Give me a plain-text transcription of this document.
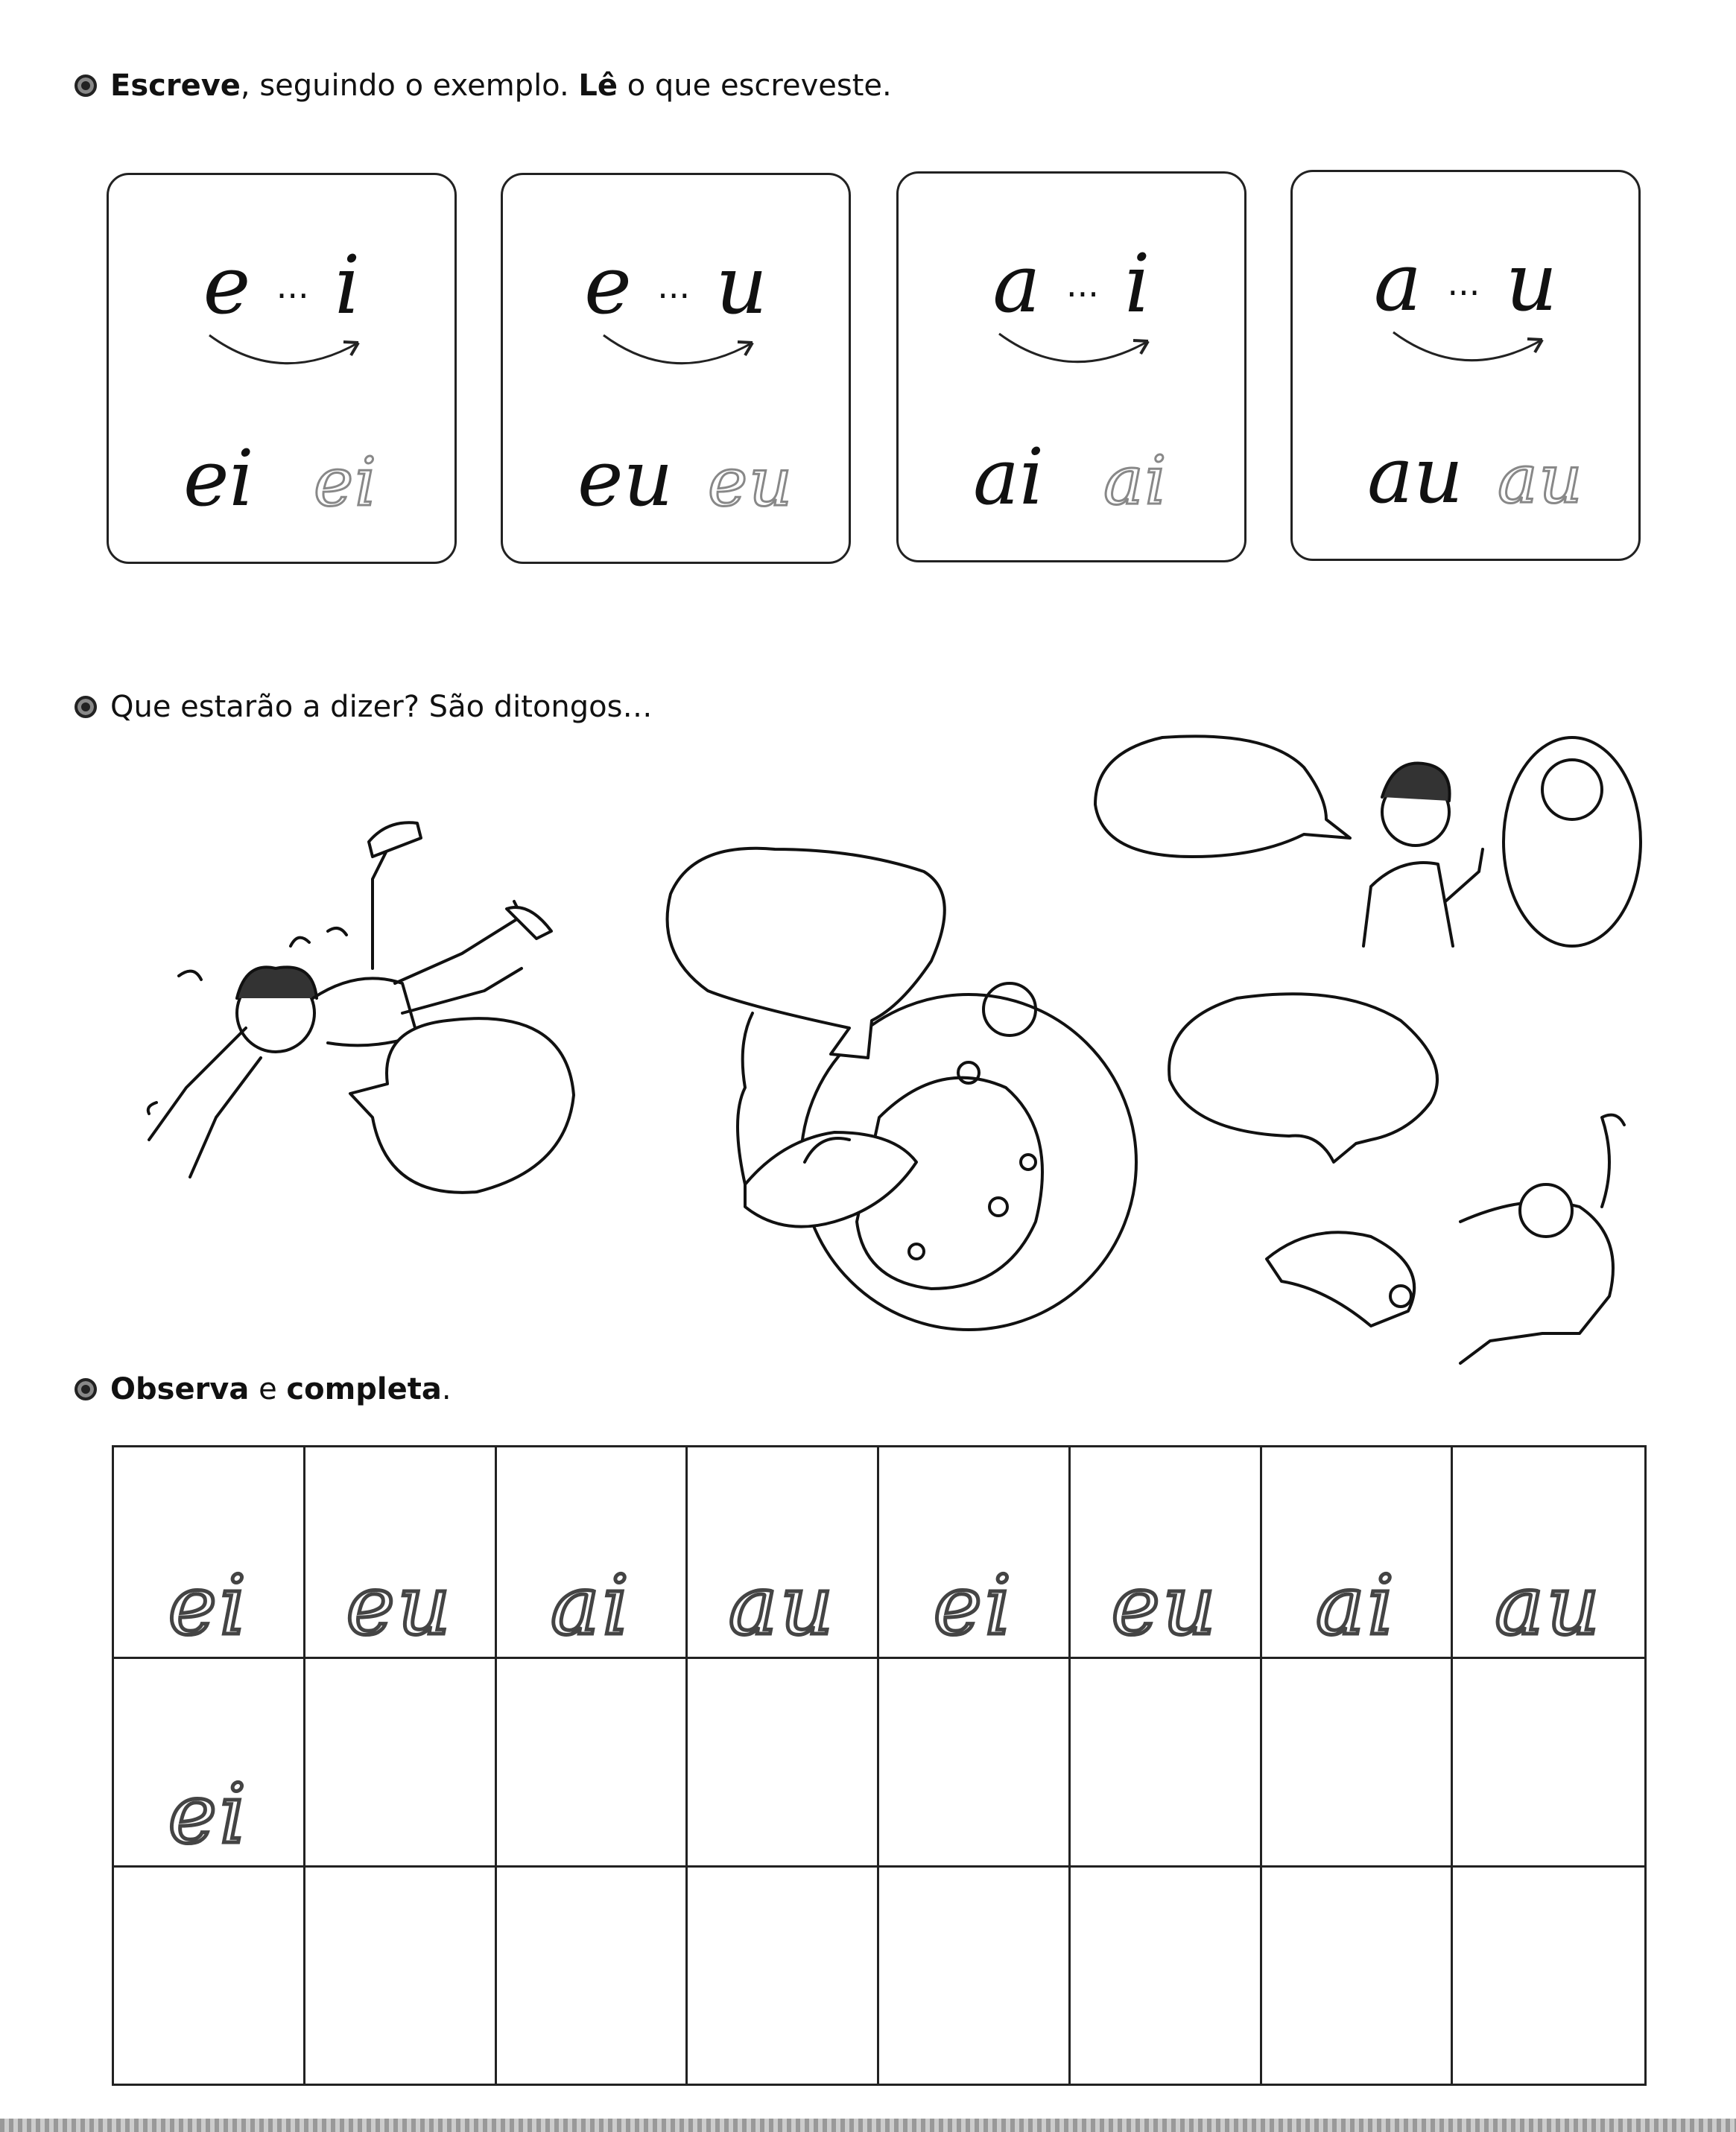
Escreve, seguindo o exemplo. Lê o que escreveste.
e ... i
ei ei
e ... u
eu eu
a ... i
ai ai
a ... u
au au
Que estarão a dizer? São ditongos…
Observa e completa.
ei	eu	ai	au	ei	eu	ai	au
ei
